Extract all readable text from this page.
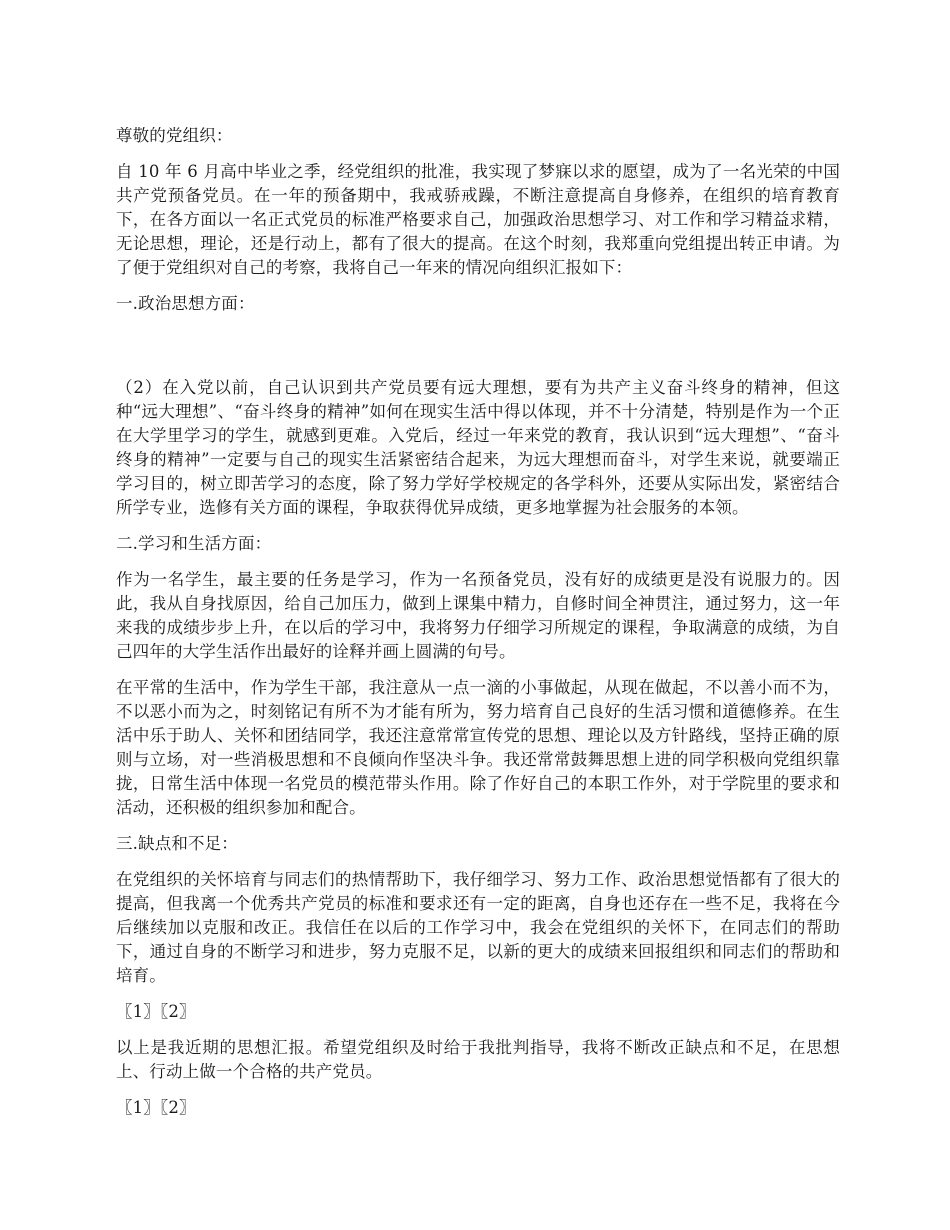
尊敬的党组织：

自 10 年 6 月高中毕业之季，经党组织的批准，我实现了梦寐以求的愿望，成为了一名光荣的中国共产党预备党员。在一年的预备期中，我戒骄戒躁，不断注意提高自身修养，在组织的培育教育下，在各方面以一名正式党员的标准严格要求自己，加强政治思想学习、对工作和学习精益求精，无论思想，理论，还是行动上，都有了很大的提高。在这个时刻，我郑重向党组提出转正申请。为了便于党组织对自己的考察，我将自己一年来的情况向组织汇报如下：

一.政治思想方面：

（2）在入党以前，自己认识到共产党员要有远大理想，要有为共产主义奋斗终身的精神，但这种“远大理想”、“奋斗终身的精神”如何在现实生活中得以体现，并不十分清楚，特别是作为一个正在大学里学习的学生，就感到更难。入党后，经过一年来党的教育，我认识到“远大理想”、“奋斗终身的精神”一定要与自己的现实生活紧密结合起来，为远大理想而奋斗，对学生来说，就要端正学习目的，树立即苦学习的态度，除了努力学好学校规定的各学科外，还要从实际出发，紧密结合所学专业，选修有关方面的课程，争取获得优异成绩，更多地掌握为社会服务的本领。

二.学习和生活方面：

作为一名学生，最主要的任务是学习，作为一名预备党员，没有好的成绩更是没有说服力的。因此，我从自身找原因，给自己加压力，做到上课集中精力，自修时间全神贯注，通过努力，这一年来我的成绩步步上升，在以后的学习中，我将努力仔细学习所规定的课程，争取满意的成绩，为自己四年的大学生活作出最好的诠释并画上圆满的句号。

在平常的生活中，作为学生干部，我注意从一点一滴的小事做起，从现在做起，不以善小而不为，不以恶小而为之，时刻铭记有所不为才能有所为，努力培育自己良好的生活习惯和道德修养。在生活中乐于助人、关怀和团结同学，我还注意常常宣传党的思想、理论以及方针路线，坚持正确的原则与立场，对一些消极思想和不良倾向作坚决斗争。我还常常鼓舞思想上进的同学积极向党组织靠拢，日常生活中体现一名党员的模范带头作用。除了作好自己的本职工作外，对于学院里的要求和活动，还积极的组织参加和配合。

三.缺点和不足：

在党组织的关怀培育与同志们的热情帮助下，我仔细学习、努力工作、政治思想觉悟都有了很大的提高，但我离一个优秀共产党员的标准和要求还有一定的距离，自身也还存在一些不足，我将在今后继续加以克服和改正。我信任在以后的工作学习中，我会在党组织的关怀下，在同志们的帮助下，通过自身的不断学习和进步，努力克服不足，以新的更大的成绩来回报组织和同志们的帮助和培育。

〖1〗〖2〗

以上是我近期的思想汇报。希望党组织及时给于我批判指导，我将不断改正缺点和不足，在思想上、行动上做一个合格的共产党员。

〖1〗〖2〗
